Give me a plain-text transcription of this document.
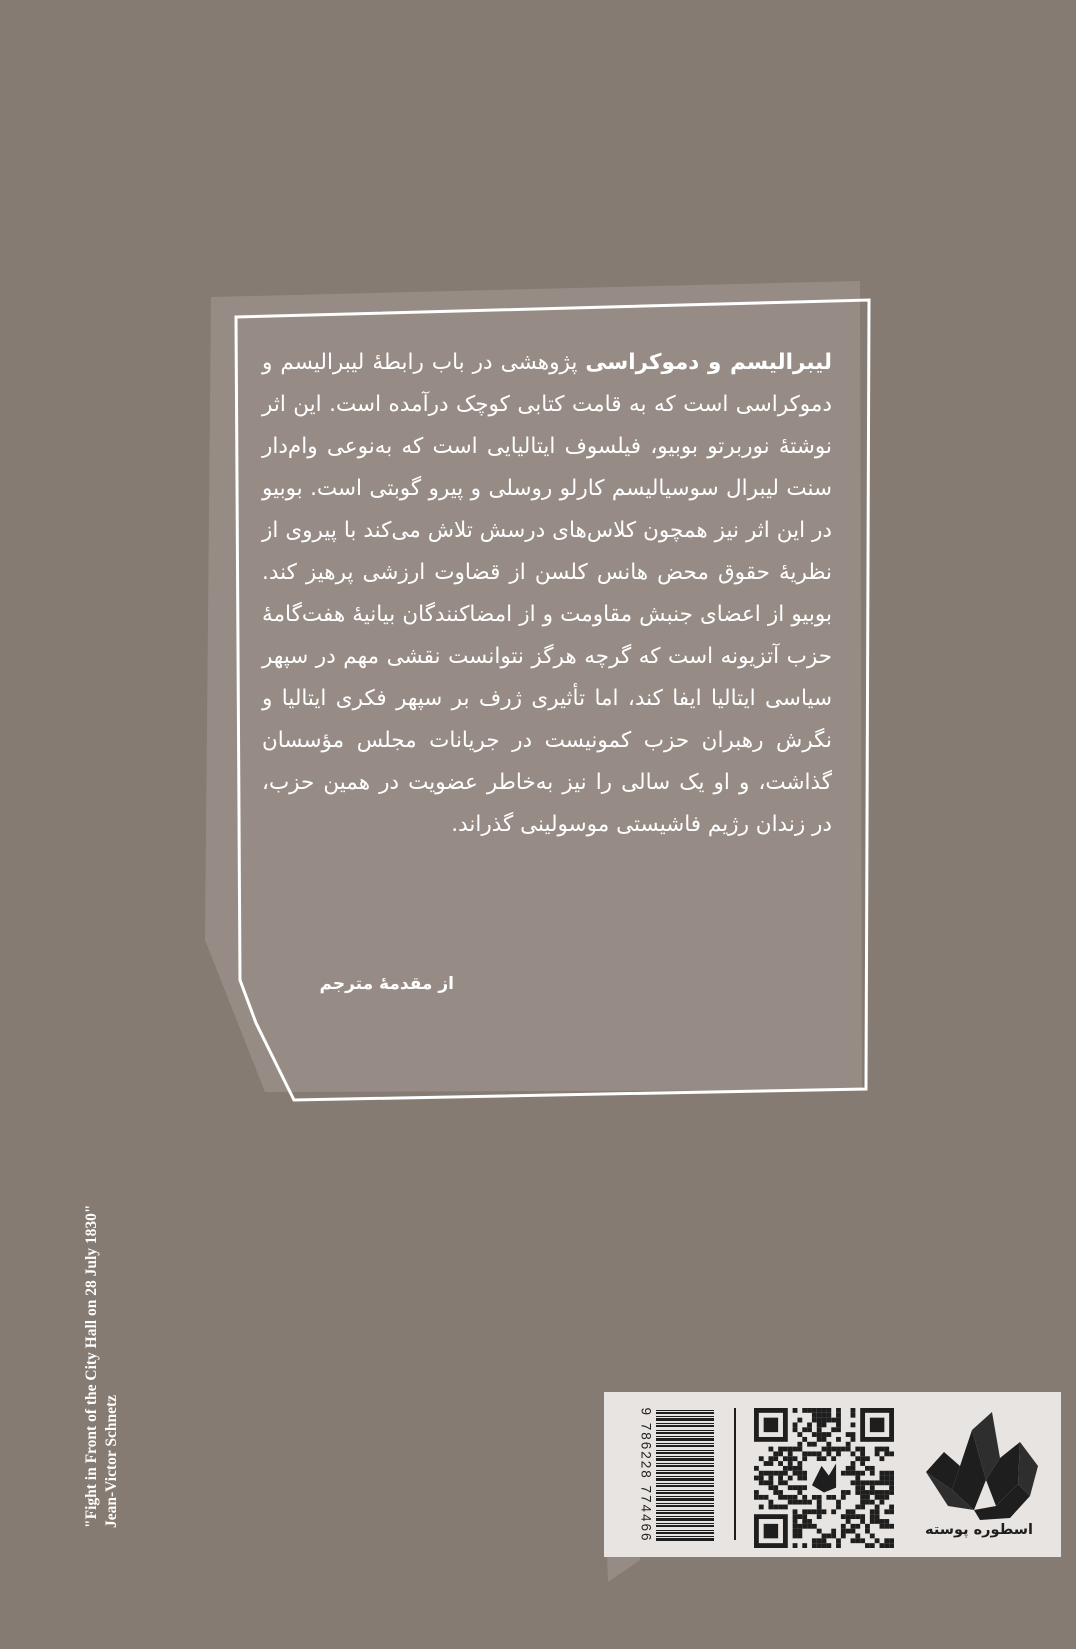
لیبرالیسم و دموکراسی پژوهشی در باب رابطهٔ لیبرالیسم و دموکراسی است که به قامت کتابی کوچک درآمده است. این اثر نوشتهٔ نوربرتو بوبیو، فیلسوف ایتالیایی است که به‌نوعی وام‌دار سنت لیبرال سوسیالیسم کارلو روسلی و پیرو گوبتی است. بوبیو در این اثر نیز همچون کلاس‌های درسش تلاش می‌کند با پیروی از نظریهٔ حقوق محض هانس کلسن از قضاوت ارزشی پرهیز کند. بوبیو از اعضای جنبش مقاومت و از امضاکنندگان بیانیهٔ هفت‌گامهٔ حزب آتزیونه است که گرچه هرگز نتوانست نقشی مهم در سپهر سیاسی ایتالیا ایفا کند، اما تأثیری ژرف بر سپهر فکری ایتالیا و نگرش رهبران حزب کمونیست در جریانات مجلس مؤسسان گذاشت، و او یک سالی را نیز به‌خاطر عضویت در همین حزب، در زندان رژیم فاشیستی موسولینی گذراند.
از مقدمهٔ مترجم
"Fight in Front of the City Hall on 28 July 1830" Jean-Victor Schnetz	9 786228 774466	اسطوره پوسته
